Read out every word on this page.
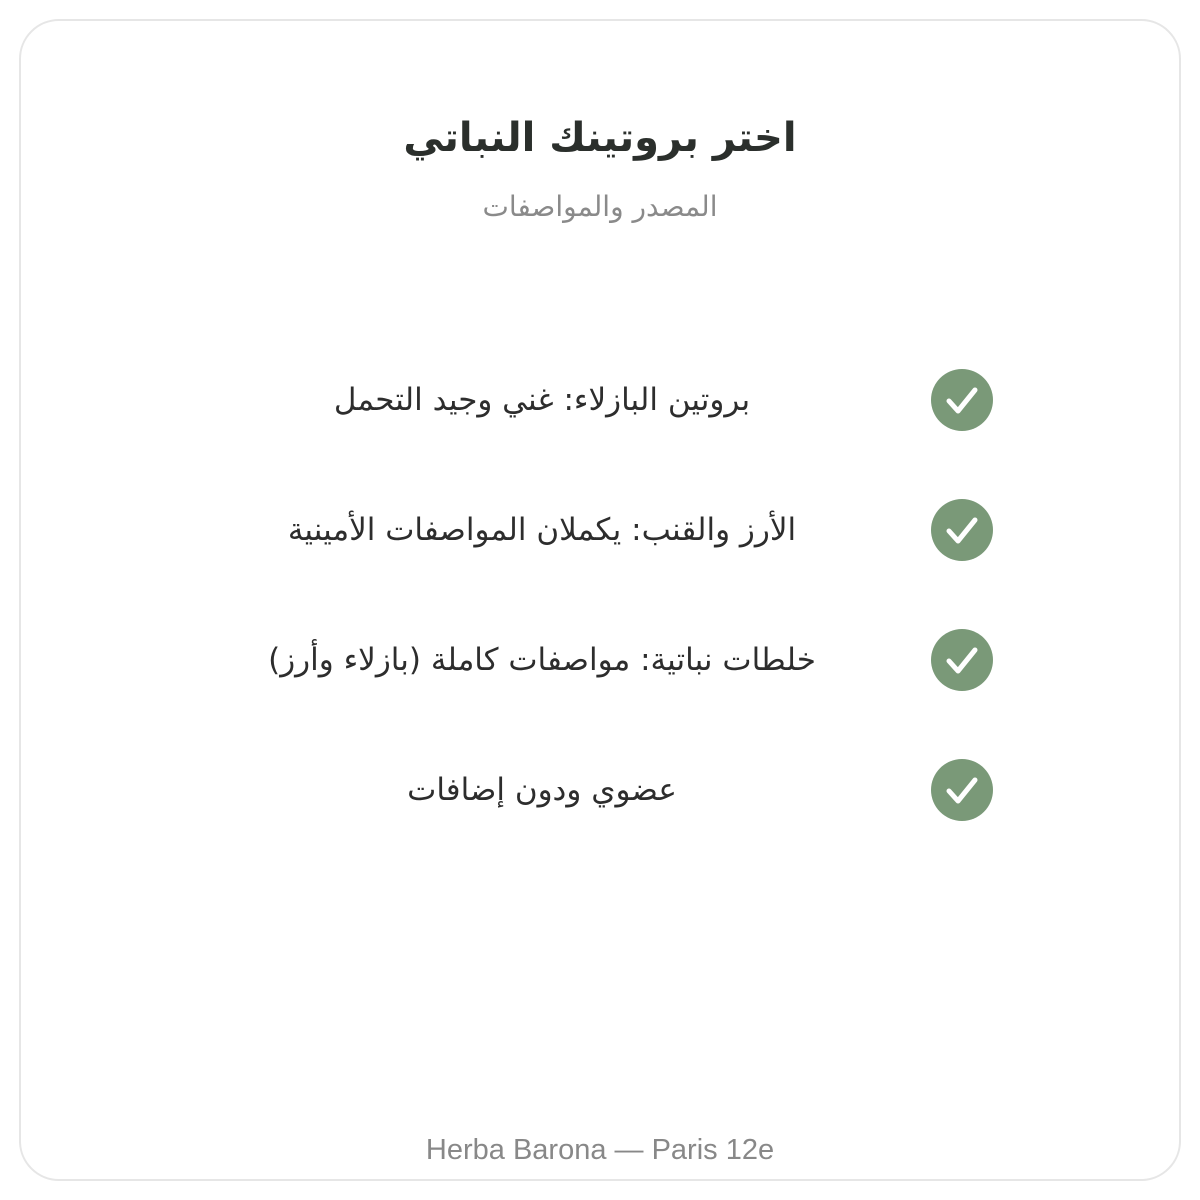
اختر بروتينك النباتي
المصدر والمواصفات
بروتين البازلاء: غني وجيد التحمل
الأرز والقنب: يكملان المواصفات الأمينية
خلطات نباتية: مواصفات كاملة (بازلاء وأرز)
عضوي ودون إضافات
Herba Barona — Paris 12e
